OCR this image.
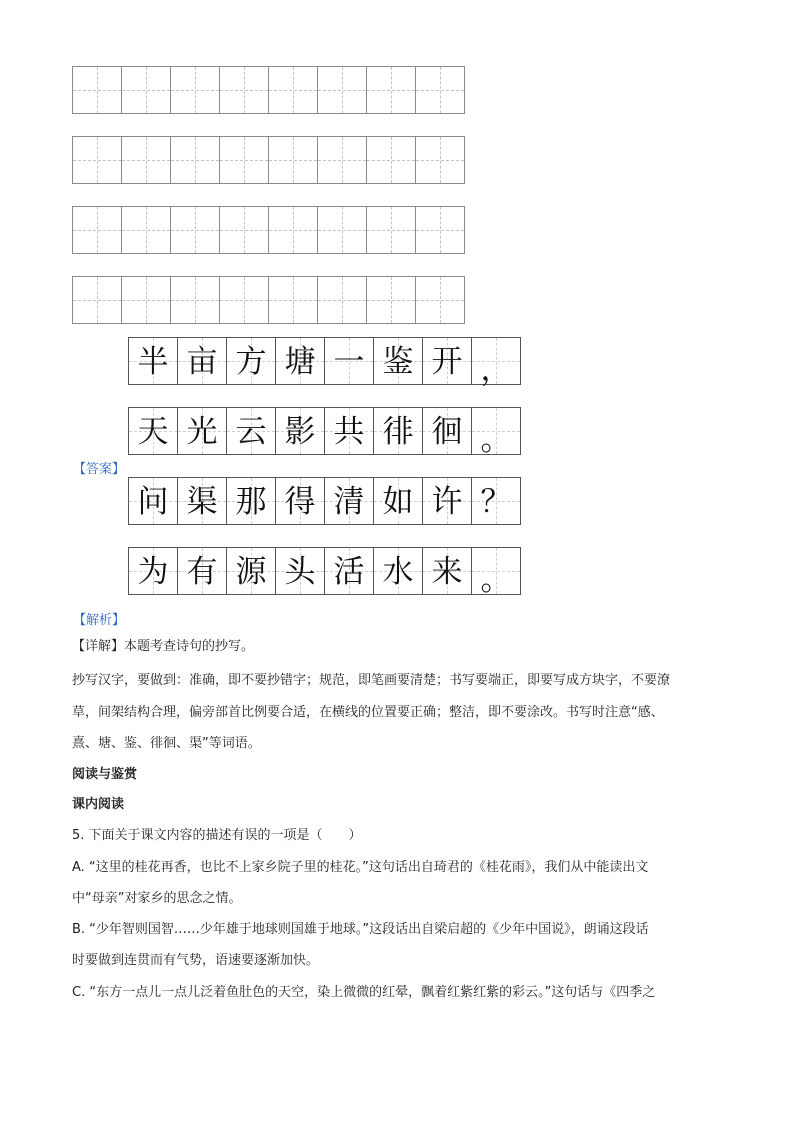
半 亩 方 塘 一 鉴 开 ，
天 光 云 影 共 徘 徊 。
问 渠 那 得 清 如 许 ？
为 有 源 头 活 水 来 。
【答案】
【解析】
【详解】本题考查诗句的抄写。
抄写汉字，要做到：准确，即不要抄错字；规范，即笔画要清楚；书写要端正，即要写成方块字，不要潦
草，间架结构合理，偏旁部首比例要合适，在横线的位置要正确；整洁，即不要涂改。书写时注意“感、
熹、塘、鉴、徘徊、渠”等词语。
阅读与鉴赏
课内阅读
5. 下面关于课文内容的描述有误的一项是（　　）
A. “这里的桂花再香，也比不上家乡院子里的桂花。”这句话出自琦君的《桂花雨》，我们从中能读出文
中“母亲”对家乡的思念之情。
B. “少年智则国智……少年雄于地球则国雄于地球。”这段话出自梁启超的《少年中国说》，朗诵这段话
时要做到连贯而有气势，语速要逐渐加快。
C. “东方一点儿一点儿泛着鱼肚色的天空，染上微微的红晕，飘着红紫红紫的彩云。”这句话与《四季之
